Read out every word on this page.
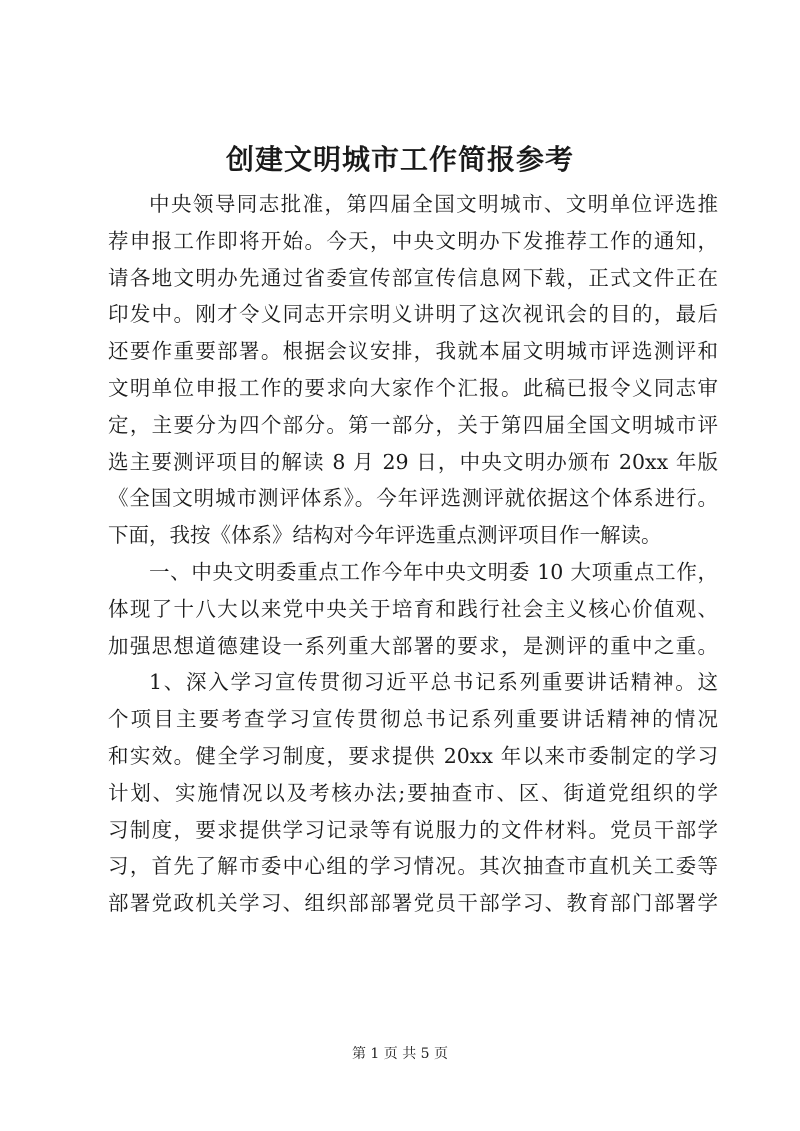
创建文明城市工作简报参考
中央领导同志批准，第四届全国文明城市、文明单位评选推
荐申报工作即将开始。今天，中央文明办下发推荐工作的通知，
请各地文明办先通过省委宣传部宣传信息网下载，正式文件正在
印发中。刚才令义同志开宗明义讲明了这次视讯会的目的，最后
还要作重要部署。根据会议安排，我就本届文明城市评选测评和
文明单位申报工作的要求向大家作个汇报。此稿已报令义同志审
定，主要分为四个部分。第一部分，关于第四届全国文明城市评
选主要测评项目的解读 8 月 29 日，中央文明办颁布 20xx 年版
《全国文明城市测评体系》。今年评选测评就依据这个体系进行。
下面，我按《体系》结构对今年评选重点测评项目作一解读。
一、中央文明委重点工作今年中央文明委 10 大项重点工作，
体现了十八大以来党中央关于培育和践行社会主义核心价值观、
加强思想道德建设一系列重大部署的要求，是测评的重中之重。
1、深入学习宣传贯彻习近平总书记系列重要讲话精神。这
个项目主要考查学习宣传贯彻总书记系列重要讲话精神的情况
和实效。健全学习制度，要求提供 20xx 年以来市委制定的学习
计划、实施情况以及考核办法;要抽查市、区、街道党组织的学
习制度，要求提供学习记录等有说服力的文件材料。党员干部学
习，首先了解市委中心组的学习情况。其次抽查市直机关工委等
部署党政机关学习、组织部部署党员干部学习、教育部门部署学
第 1 页 共 5 页
